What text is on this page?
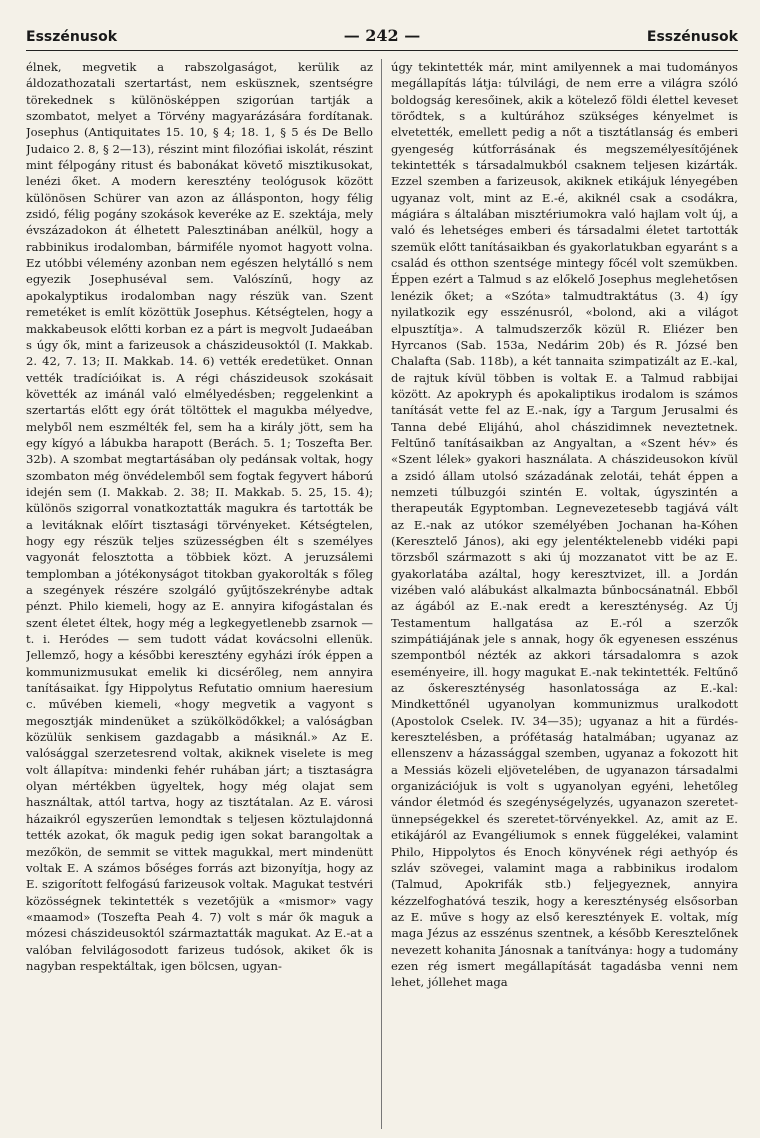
Esszénusok	— 242 —	Esszénusok

élnek, megvetik a rabszolgaságot, kerülik az áldozathozatali szertartást, nem esküsznek, szentségre törekednek s különösképpen szigorúan tartják a szombatot, melyet a Törvény magyarázására fordítanak. Josephus (Antiquitates 15. 10, § 4; 18. 1, § 5 és De Bello Judaico 2. 8, § 2—13), részint mint filozófiai iskolát, részint mint félpogány ritust és babonákat követő misztikusokat, lenézi őket. A modern keresztény teológusok között különösen Schürer van azon az állásponton, hogy félig zsidó, félig pogány szokások keveréke az E. szektája, mely évszázadokon át élhetett Palesztinában anélkül, hogy a rabbinikus irodalomban, bármiféle nyomot hagyott volna. Ez utóbbi vélemény azonban nem egészen helytálló s nem egyezik Josephuséval sem. Valószínű, hogy az apokalyptikus irodalomban nagy részük van. Szent remetéket is említ közöttük Josephus. Kétségtelen, hogy a makkabeusok előtti korban ez a párt is megvolt Judaeában s úgy ők, mint a farizeusok a chászideusoktól (I. Makkab. 2. 42, 7. 13; II. Makkab. 14. 6) vették eredetüket. Onnan vették tradícióikat is. A régi chászideusok szokásait követték az imánál való elmélyedésben; reggelenkint a szertartás előtt egy órát töltöttek el magukba mélyedve, melyből nem eszmélték fel, sem ha a király jött, sem ha egy kígyó a lábukba harapott (Berách. 5. 1; Toszefta Ber. 32b). A szombat megtartásában oly pedánsak voltak, hogy szombaton még önvédelemből sem fogtak fegyvert háború idején sem (I. Makkab. 2. 38; II. Makkab. 5. 25, 15. 4); különös szigorral vonatkoztatták magukra és tartották be a levitáknak előírt tisztasági törvényeket. Kétségtelen, hogy egy részük teljes szüzességben élt s személyes vagyonát felosztotta a többiek közt. A jeruzsálemi templomban a jótékonyságot titokban gyakorolták s főleg a szegények részére szolgáló gyűjtőszekrénybe adtak pénzt. Philo kiemeli, hogy az E. annyira kifogástalan és szent életet éltek, hogy még a legkegyetlenebb zsarnok — t. i. Heródes — sem tudott vádat kovácsolni ellenük. Jellemző, hogy a későbbi keresztény egyházi írók éppen a kommunizmusukat emelik ki dicsérőleg, nem annyira tanításaikat. Így Hippolytus Refutatio omnium haeresium c. művében kiemeli, «hogy megvetik a vagyont s megosztják mindenüket a szükölködőkkel; a valóságban közülük senkisem gazdagabb a másiknál.» Az E. valósággal szerzetesrend voltak, akiknek viselete is meg volt állapítva: mindenki fehér ruhában járt; a tisztaságra olyan mértékben ügyeltek, hogy még olajat sem használtak, attól tartva, hogy az tisztátalan. Az E. városi házaikról egyszerűen lemondtak s teljesen köztulajdonná tették azokat, ők maguk pedig igen sokat barangoltak a mezőkön, de semmit se vittek magukkal, mert mindenütt voltak E. A számos bőséges forrás azt bizonyítja, hogy az E. szigorított felfogású farizeusok voltak. Magukat testvéri közösségnek tekintették s vezetőjük a «mismor» vagy «maamod» (Toszefta Peah 4. 7) volt s már ők maguk a mózesi chászideusoktól származtatták magukat. Az E.-at a valóban felvilágosodott farizeus tudósok, akiket ők is nagyban respektáltak, igen bölcsen, ugyan-

úgy tekintették már, mint amilyennek a mai tudományos megállapítás látja: túlvilági, de nem erre a világra szóló boldogság keresőinek, akik a kötelező földi élettel keveset törődtek, s a kultúrához szükséges kényelmet is elvetették, emellett pedig a nőt a tisztátlanság és emberi gyengeség kútforrásának és megszemélyesítőjének tekintették s társadalmukból csaknem teljesen kizárták. Ezzel szemben a farizeusok, akiknek etikájuk lényegében ugyanaz volt, mint az E.-é, akiknél csak a csodákra, mágiára s általában misztériumokra való hajlam volt új, a való és lehetséges emberi és társadalmi életet tartották szemük előtt tanításaikban és gyakorlatukban egyaránt s a család és otthon szentsége mintegy főcél volt szemükben. Éppen ezért a Talmud s az előkelő Josephus meglehetősen lenézik őket; a «Szóta» talmudtraktátus (3. 4) így nyilatkozik egy esszénusról, «bolond, aki a világot elpusztítja». A talmudszerzők közül R. Eliézer ben Hyrcanos (Sab. 153a, Nedárim 20b) és R. Józsé ben Chalafta (Sab. 118b), a két tannaita szimpatizált az E.-kal, de rajtuk kívül többen is voltak E. a Talmud rabbijai között. Az apokryph és apokaliptikus irodalom is számos tanítását vette fel az E.-nak, így a Targum Jerusalmi és Tanna debé Elijáhú, ahol chászidimnek neveztetnek. Feltűnő tanításaikban az Angyaltan, a «Szent hév» és «Szent lélek» gyakori használata. A chászideusokon kívül a zsidó állam utolsó századának zelotái, tehát éppen a nemzeti túlbuzgói szintén E. voltak, úgyszintén a therapeuták Egyptomban. Legnevezetesebb tagjává vált az E.-nak az utókor személyében Jochanan ha-Kóhen (Keresztelő János), aki egy jelentéktelenebb vidéki papi törzsből származott s aki új mozzanatot vitt be az E. gyakorlatába azáltal, hogy keresztvizet, ill. a Jordán vizében való alábukást alkalmazta bűnbocsánatnál. Ebből az ágából az E.-nak eredt a kereszténység. Az Új Testamentum hallgatása az E.-ról a szerzők szimpátiájának jele s annak, hogy ők egyenesen esszénus szempontból nézték az akkori társadalomra s azok eseményeire, ill. hogy magukat E.-nak tekintették. Feltűnő az őskereszténység hasonlatossága az E.-kal: Mindkettőnél ugyanolyan kommunizmus uralkodott (Apostolok Cselek. IV. 34—35); ugyanaz a hit a fürdés-keresztelésben, a prófétaság hatalmában; ugyanaz az ellenszenv a házassággal szemben, ugyanaz a fokozott hit a Messiás közeli eljövetelében, de ugyanazon társadalmi organizációjuk is volt s ugyanolyan egyéni, lehetőleg vándor életmód és szegénységelyzés, ugyanazon szeretet-ünnepségekkel és szeretet-törvényekkel. Az, amit az E. etikájáról az Evangéliumok s ennek függelékei, valamint Philo, Hippolytos és Enoch könyvének régi aethyóp és szláv szövegei, valamint maga a rabbinikus irodalom (Talmud, Apokrifák stb.) feljegyeznek, annyira kézzelfoghatóvá teszik, hogy a kereszténység elsősorban az E. műve s hogy az első keresztények E. voltak, míg maga Jézus az esszénus szentnek, a később Keresztelőnek nevezett kohanita Jánosnak a tanítványa: hogy a tudomány ezen rég ismert megállapítását tagadásba venni nem lehet, jóllehet maga
